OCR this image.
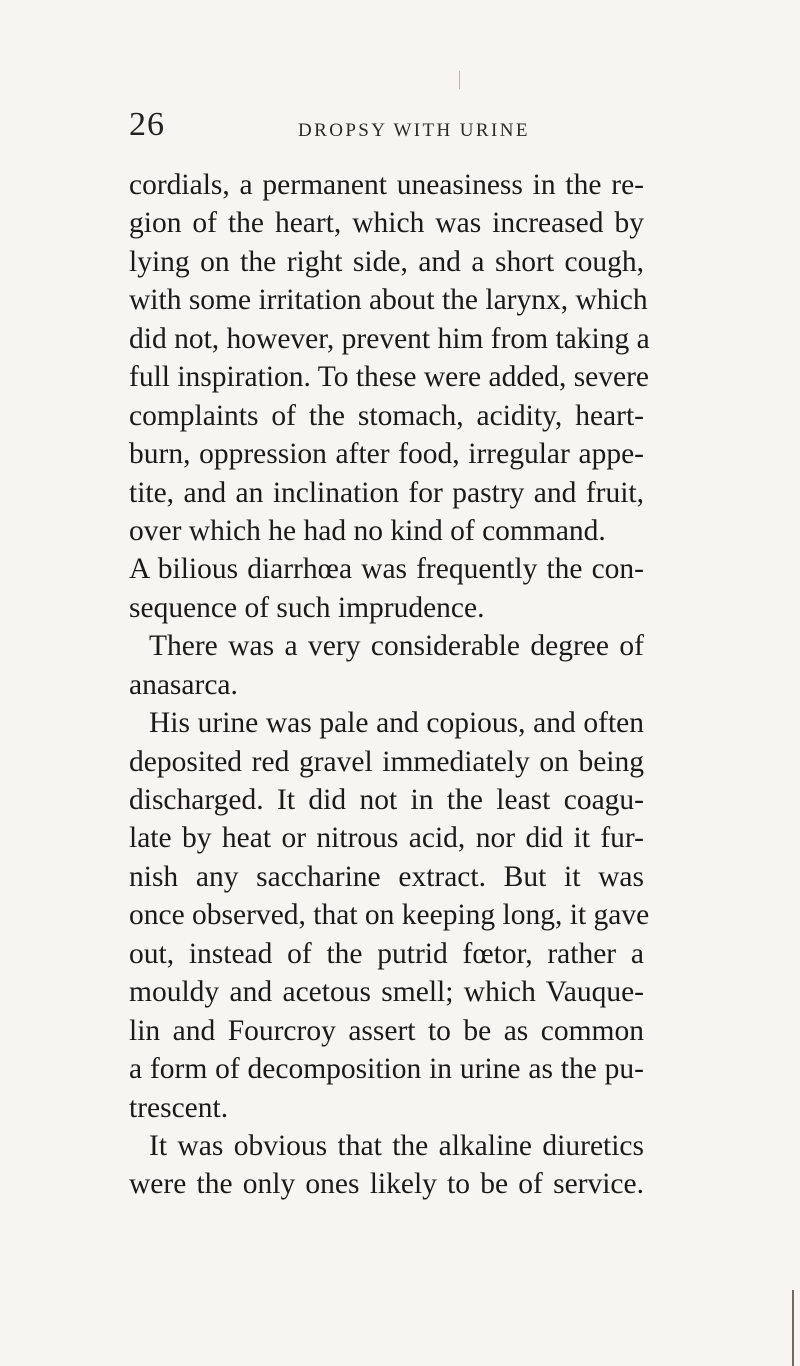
26	DROPSY WITH URINE
cordials, a permanent uneasiness in the re-
gion of the heart, which was increased by
lying on the right side, and a short cough,
with some irritation about the larynx, which
did not, however, prevent him from taking a
full inspiration. To these were added, severe
complaints of the stomach, acidity, heart-
burn, oppression after food, irregular appe-
tite, and an inclination for pastry and fruit,
over which he had no kind of command.
A bilious diarrhœa was frequently the con-
sequence of such imprudence.
There was a very considerable degree of
anasarca.
His urine was pale and copious, and often
deposited red gravel immediately on being
discharged. It did not in the least coagu-
late by heat or nitrous acid, nor did it fur-
nish any saccharine extract. But it was
once observed, that on keeping long, it gave
out, instead of the putrid fœtor, rather a
mouldy and acetous smell; which Vauque-
lin and Fourcroy assert to be as common
a form of decomposition in urine as the pu-
trescent.
It was obvious that the alkaline diuretics
were the only ones likely to be of service.
